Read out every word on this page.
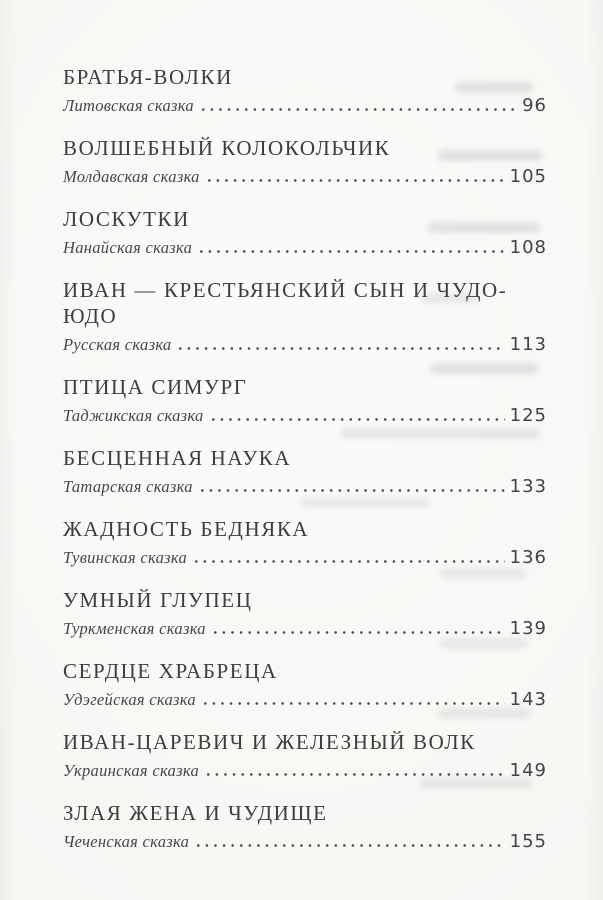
БРАТЬЯ-ВОЛКИ
Литовская сказка	96
ВОЛШЕБНЫЙ КОЛОКОЛЬЧИК
Молдавская сказка	105
ЛОСКУТКИ
Нанайская сказка	108
ИВАН — КРЕСТЬЯНСКИЙ СЫН И ЧУДО-ЮДО
Русская сказка	113
ПТИЦА СИМУРГ
Таджикская сказка	125
БЕСЦЕННАЯ НАУКА
Татарская сказка	133
ЖАДНОСТЬ БЕДНЯКА
Тувинская сказка	136
УМНЫЙ ГЛУПЕЦ
Туркменская сказка	139
СЕРДЦЕ ХРАБРЕЦА
Удэгейская сказка	143
ИВАН-ЦАРЕВИЧ И ЖЕЛЕЗНЫЙ ВОЛК
Украинская сказка	149
ЗЛАЯ ЖЕНА И ЧУДИЩЕ
Чеченская сказка	155
